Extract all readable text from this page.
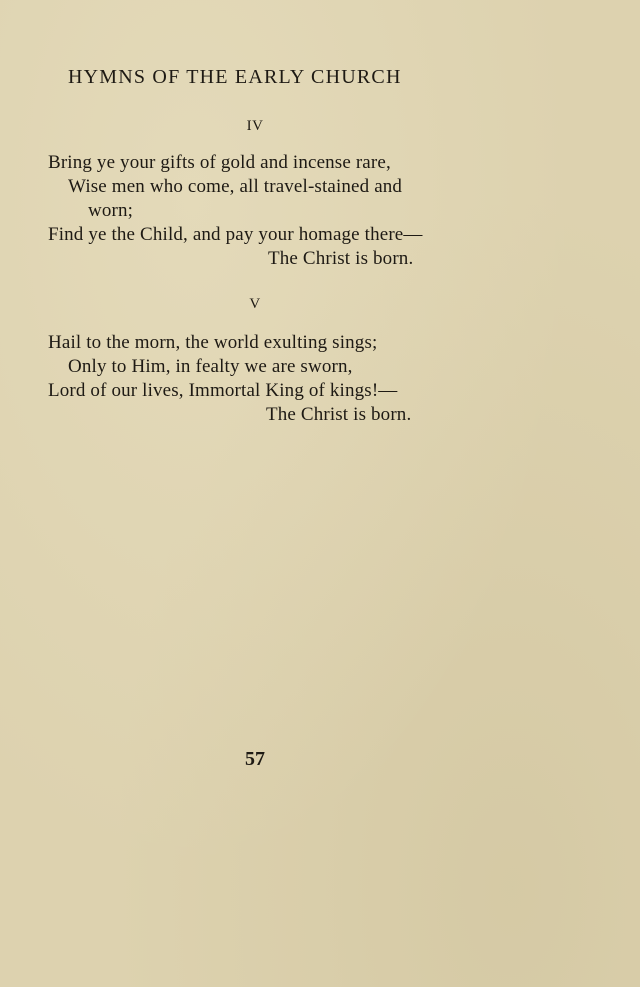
HYMNS OF THE EARLY CHURCH
IV
Bring ye your gifts of gold and incense rare,
Wise men who come, all travel-stained and
worn;
Find ye the Child, and pay your homage there—
The Christ is born.
V
Hail to the morn, the world exulting sings;
Only to Him, in fealty we are sworn,
Lord of our lives, Immortal King of kings!—
The Christ is born.
57
